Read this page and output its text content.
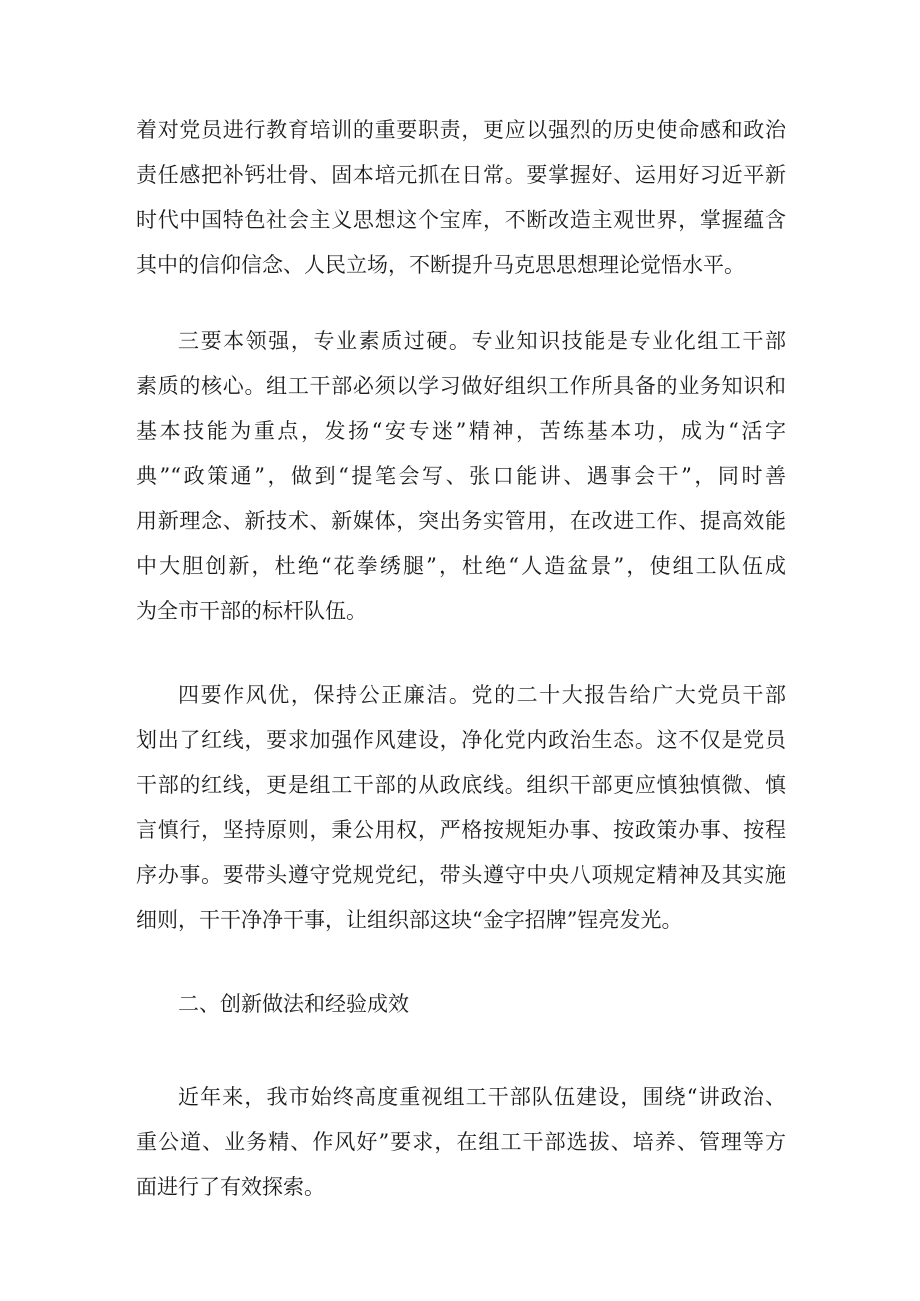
着对党员进行教育培训的重要职责，更应以强烈的历史使命感和政治
责任感把补钙壮骨、固本培元抓在日常。要掌握好、运用好习近平新
时代中国特色社会主义思想这个宝库，不断改造主观世界，掌握蕴含
其中的信仰信念、人民立场，不断提升马克思思想理论觉悟水平。
三要本领强，专业素质过硬。专业知识技能是专业化组工干部
素质的核心。组工干部必须以学习做好组织工作所具备的业务知识和
基本技能为重点，发扬“安专迷”精神，苦练基本功，成为“活字
典”“政策通”，做到“提笔会写、张口能讲、遇事会干”，同时善
用新理念、新技术、新媒体，突出务实管用，在改进工作、提高效能
中大胆创新，杜绝“花拳绣腿”，杜绝“人造盆景”，使组工队伍成
为全市干部的标杆队伍。
四要作风优，保持公正廉洁。党的二十大报告给广大党员干部
划出了红线，要求加强作风建设，净化党内政治生态。这不仅是党员
干部的红线，更是组工干部的从政底线。组织干部更应慎独慎微、慎
言慎行，坚持原则，秉公用权，严格按规矩办事、按政策办事、按程
序办事。要带头遵守党规党纪，带头遵守中央八项规定精神及其实施
细则，干干净净干事，让组织部这块“金字招牌”锃亮发光。
二、创新做法和经验成效
近年来，我市始终高度重视组工干部队伍建设，围绕“讲政治、
重公道、业务精、作风好”要求，在组工干部选拔、培养、管理等方
面进行了有效探索。
